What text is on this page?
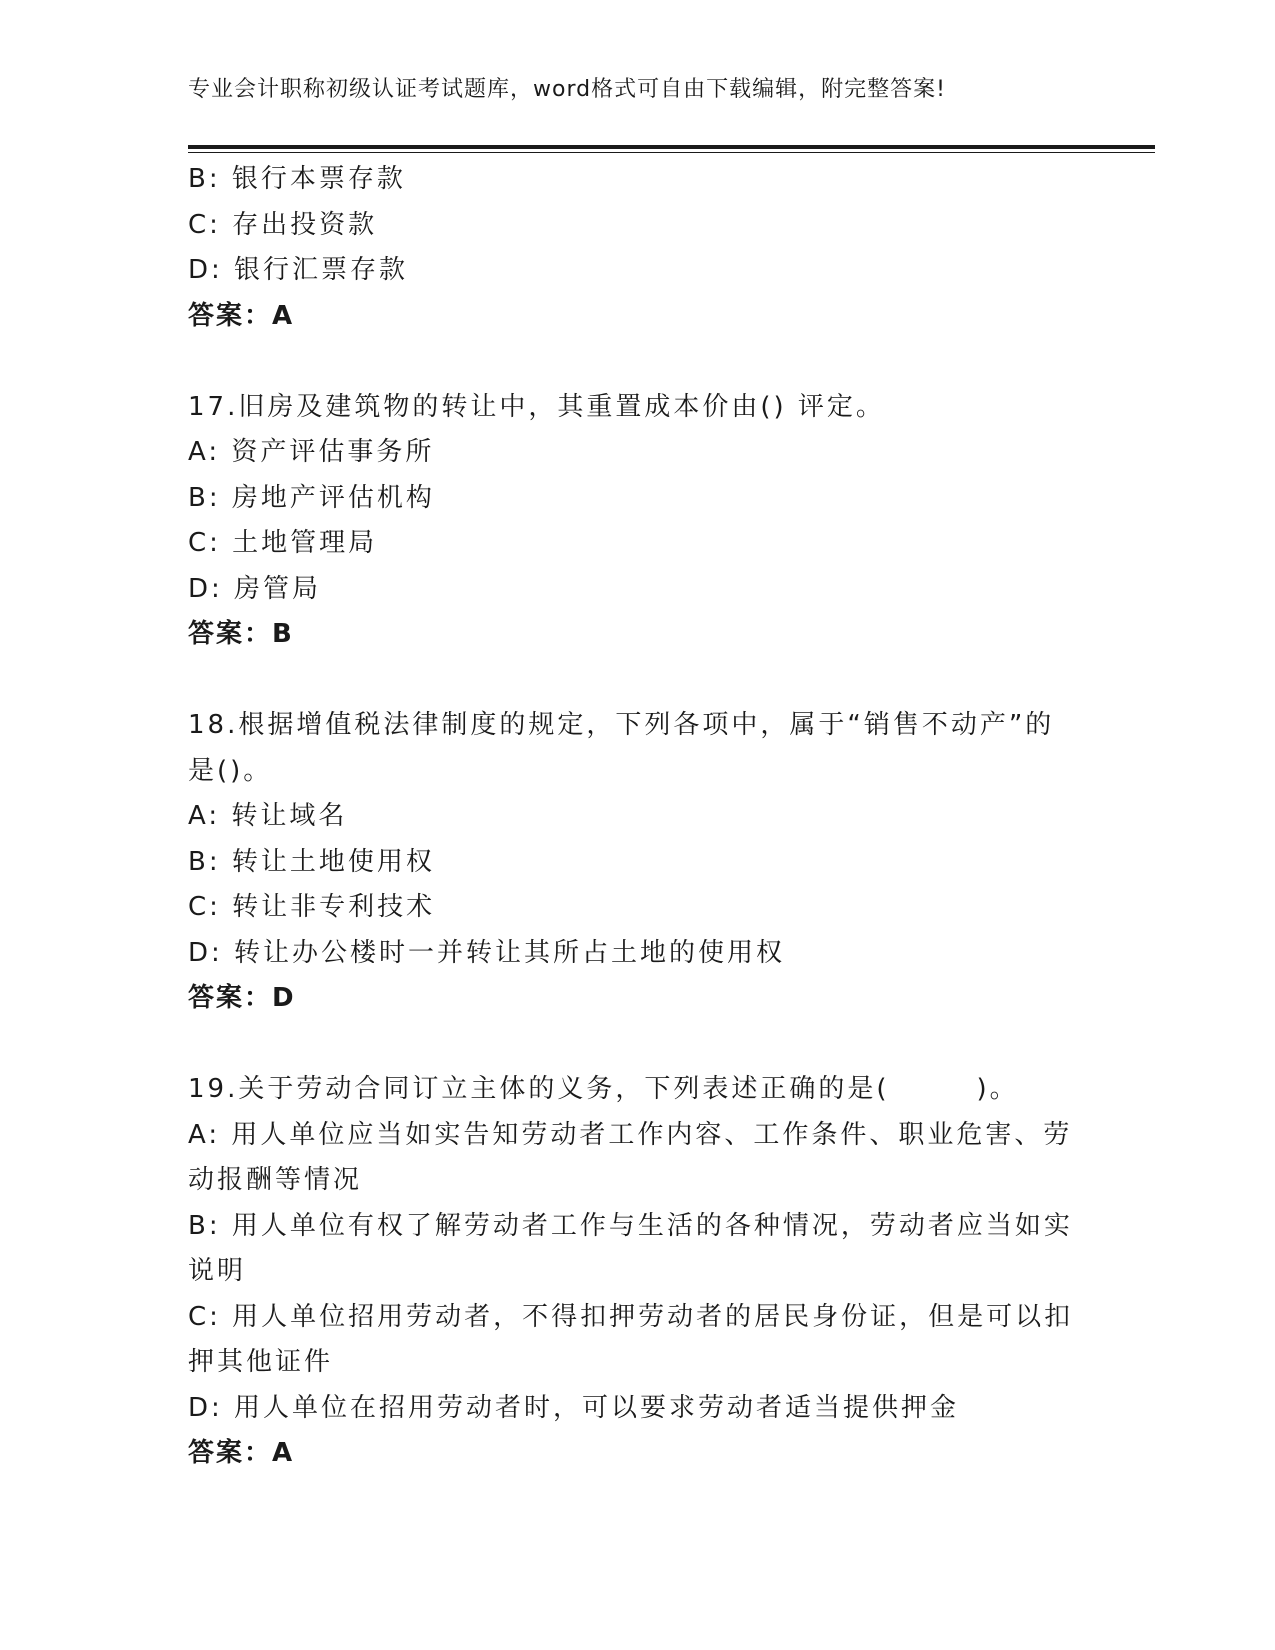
专业会计职称初级认证考试题库，word格式可自由下载编辑，附完整答案!
B: 银行本票存款
C: 存出投资款
D: 银行汇票存款
答案：A
17.旧房及建筑物的转让中，其重置成本价由() 评定。
A: 资产评估事务所
B: 房地产评估机构
C: 土地管理局
D: 房管局
答案：B
18.根据增值税法律制度的规定，下列各项中，属于“销售不动产”的
是()。
A: 转让域名
B: 转让土地使用权
C: 转让非专利技术
D: 转让办公楼时一并转让其所占土地的使用权
答案：D
19.关于劳动合同订立主体的义务，下列表述正确的是(　　　)。
A: 用人单位应当如实告知劳动者工作内容、工作条件、职业危害、劳
动报酬等情况
B: 用人单位有权了解劳动者工作与生活的各种情况，劳动者应当如实
说明
C: 用人单位招用劳动者，不得扣押劳动者的居民身份证，但是可以扣
押其他证件
D: 用人单位在招用劳动者时，可以要求劳动者适当提供押金
答案：A
